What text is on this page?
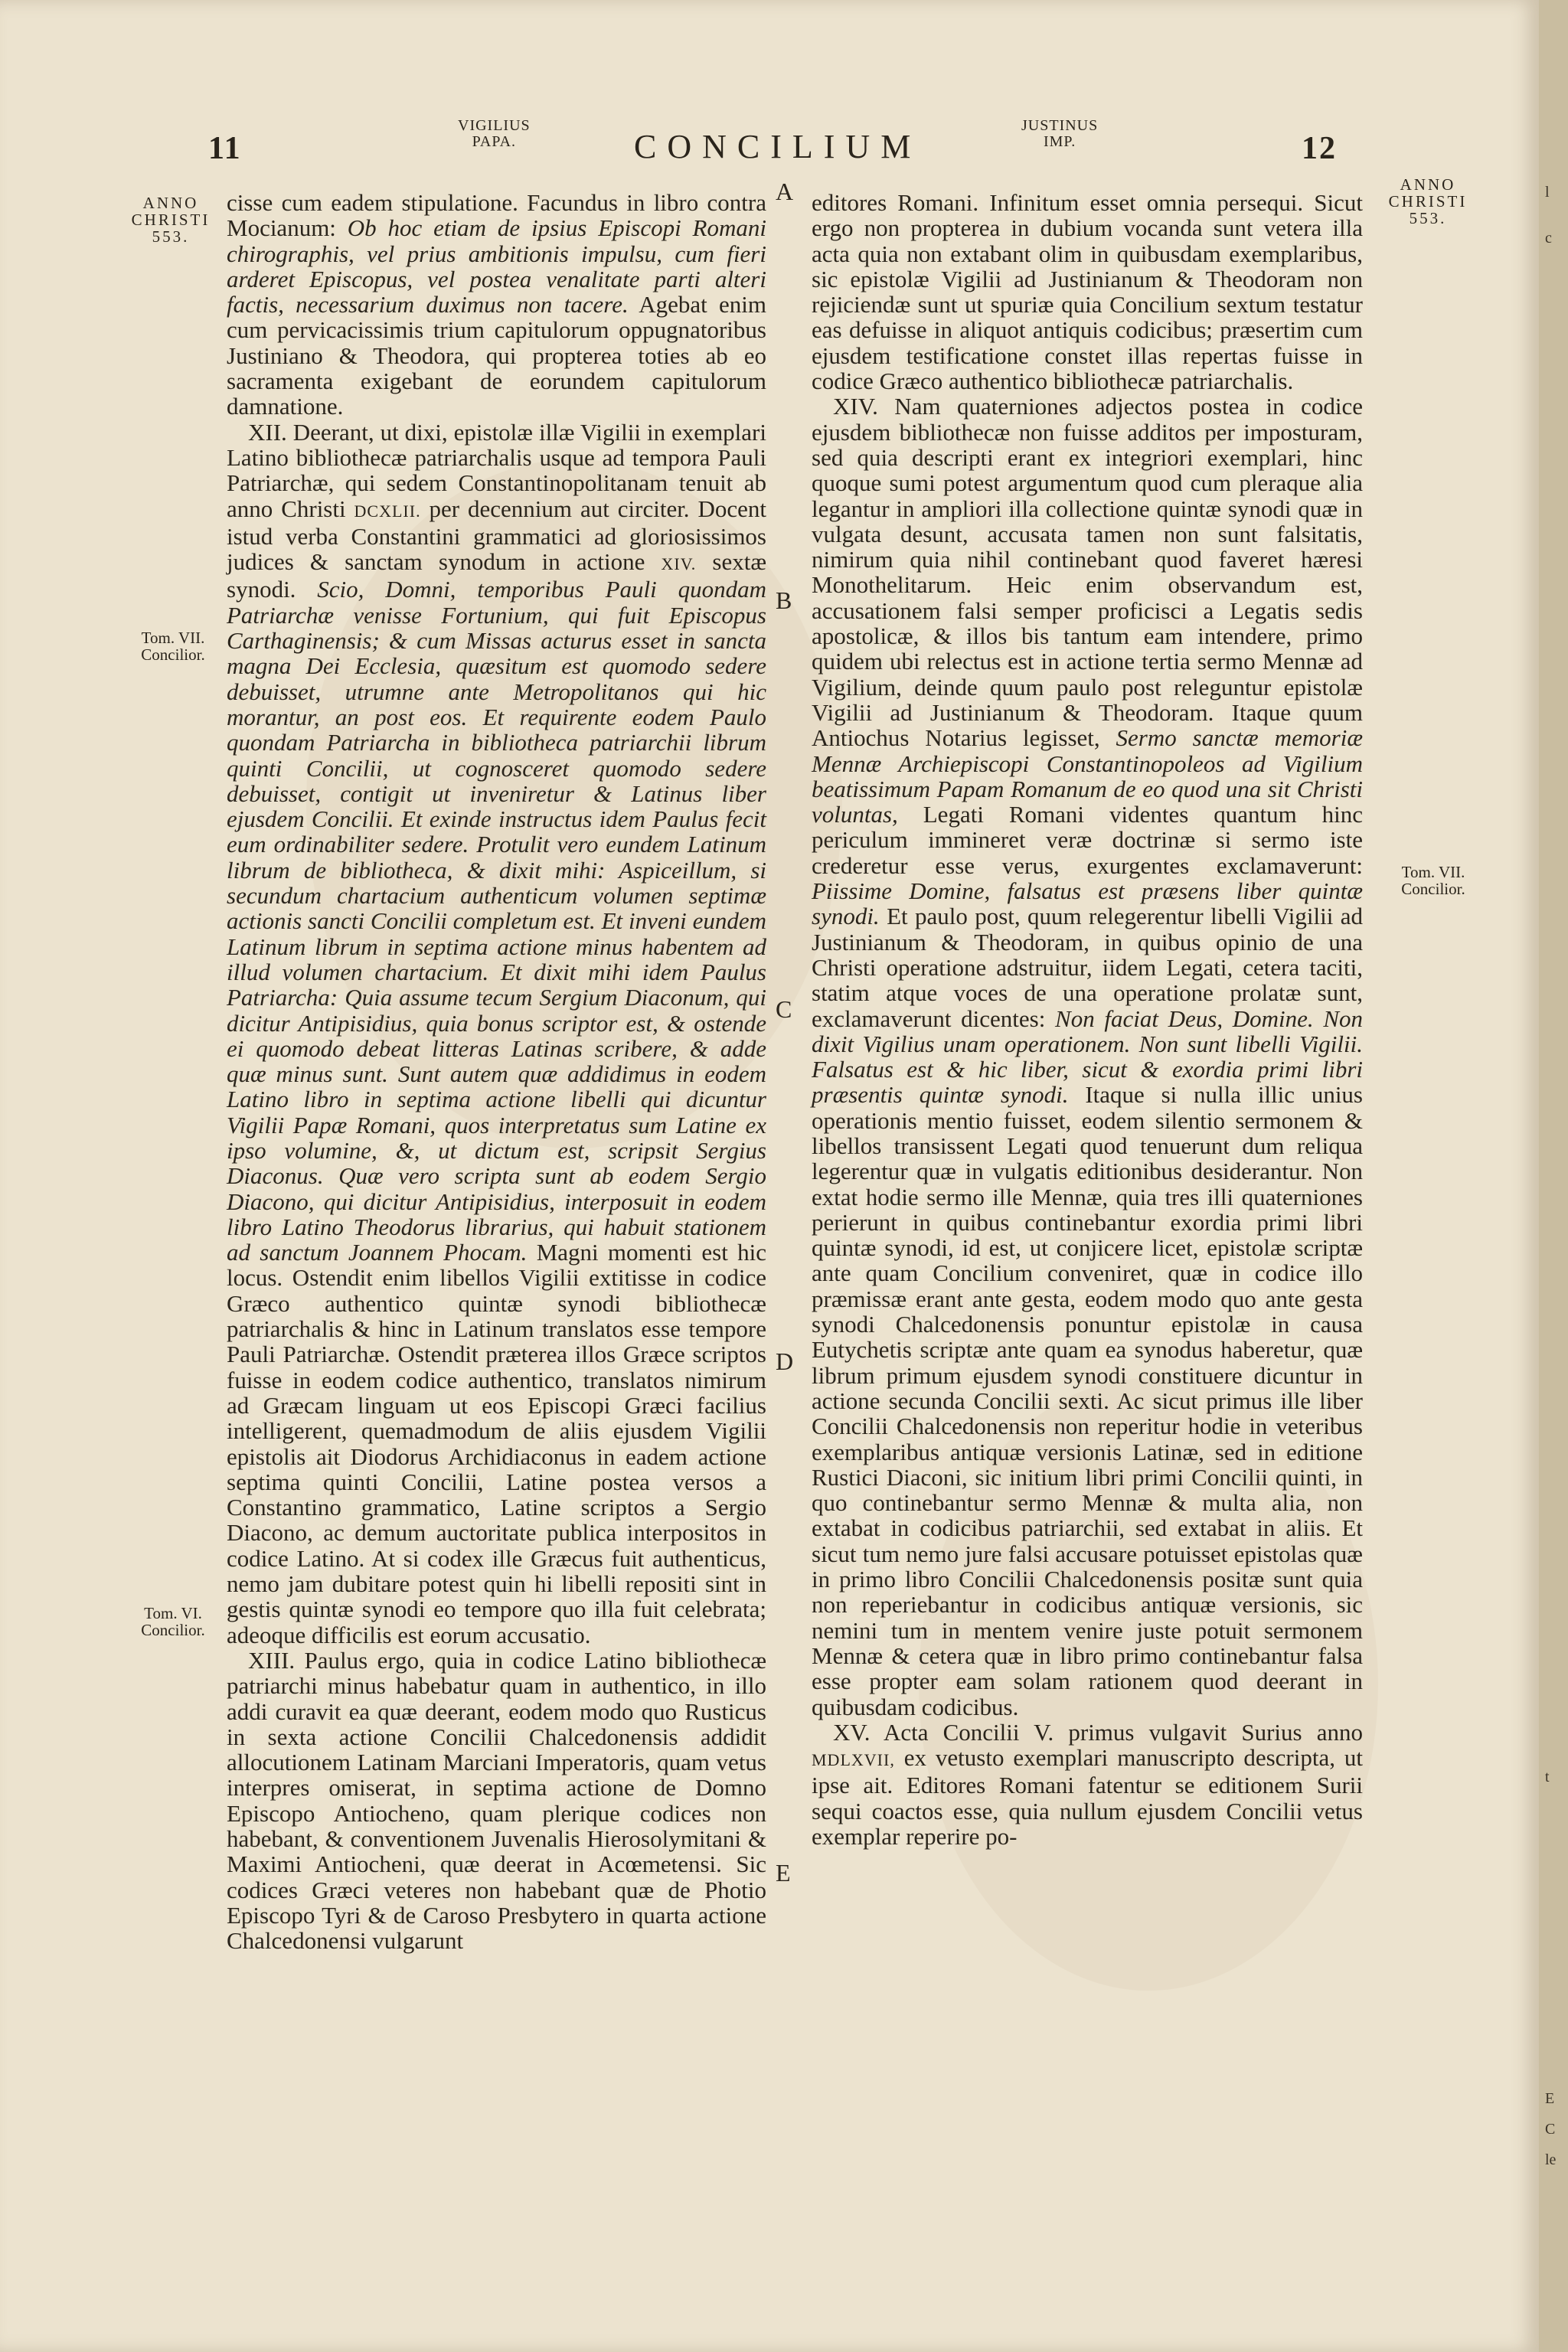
11
VIGILIUS
PAPA.	CONCILIUM
JUSTINUS
IMP.	12
ANNO
CHRISTI
553.
Tom. VII.
Concilior.
Tom. VI.
Concilior.
ANNO
CHRISTI
553.
Tom. VII.
Concilior.
A
B
C
D
E

cisse cum eadem stipulatione. Facundus in libro contra Mocianum: Ob hoc etiam de ipsius Episcopi Romani chirographis, vel prius ambitionis impulsu, cum fieri arderet Episcopus, vel postea venalitate parti alteri factis, necessarium duximus non tacere. Agebat enim cum pervicacissimis trium capitulorum oppugnatoribus Justiniano & Theodora, qui propterea toties ab eo sacramenta exigebant de eorundem capitulorum damnatione.

XII. Deerant, ut dixi, epistolæ illæ Vigilii in exemplari Latino bibliothecæ patriarchalis usque ad tempora Pauli Patriarchæ, qui sedem Constantinopolitanam tenuit ab anno Christi DCXLII. per decennium aut circiter. Docent istud verba Constantini grammatici ad gloriosissimos judices & sanctam synodum in actione XIV. sextæ synodi. Scio, Domni, temporibus Pauli quondam Patriarchæ venisse Fortunium, qui fuit Episcopus Carthaginensis; & cum Missas acturus esset in sancta magna Dei Ecclesia, quæsitum est quomodo sedere debuisset, utrumne ante Metropolitanos qui hic morantur, an post eos. Et requirente eodem Paulo quondam Patriarcha in bibliotheca patriarchii librum quinti Concilii, ut cognosceret quomodo sedere debuisset, contigit ut inveniretur & Latinus liber ejusdem Concilii. Et exinde instructus idem Paulus fecit eum ordinabiliter sedere. Protulit vero eundem Latinum librum de bibliotheca, & dixit mihi: Aspiceillum, si secundum chartacium authenticum volumen septimæ actionis sancti Concilii completum est. Et inveni eundem Latinum librum in septima actione minus habentem ad illud volumen chartacium. Et dixit mihi idem Paulus Patriarcha: Quia assume tecum Sergium Diaconum, qui dicitur Antipisidius, quia bonus scriptor est, & ostende ei quomodo debeat litteras Latinas scribere, & adde quæ minus sunt. Sunt autem quæ addidimus in eodem Latino libro in septima actione libelli qui dicuntur Vigilii Papæ Romani, quos interpretatus sum Latine ex ipso volumine, &, ut dictum est, scripsit Sergius Diaconus. Quæ vero scripta sunt ab eodem Sergio Diacono, qui dicitur Antipisidius, interposuit in eodem libro Latino Theodorus librarius, qui habuit stationem ad sanctum Joannem Phocam. Magni momenti est hic locus. Ostendit enim libellos Vigilii extitisse in codice Græco authentico quintæ synodi bibliothecæ patriarchalis & hinc in Latinum translatos esse tempore Pauli Patriarchæ. Ostendit præterea illos Græce scriptos fuisse in eodem codice authentico, translatos nimirum ad Græcam linguam ut eos Episcopi Græci facilius intelligerent, quemadmodum de aliis ejusdem Vigilii epistolis ait Diodorus Archidiaconus in eadem actione septima quinti Concilii, Latine postea versos a Constantino grammatico, Latine scriptos a Sergio Diacono, ac demum auctoritate publica interpositos in codice Latino. At si codex ille Græcus fuit authenticus, nemo jam dubitare potest quin hi libelli repositi sint in gestis quintæ synodi eo tempore quo illa fuit celebrata; adeoque difficilis est eorum accusatio.

XIII. Paulus ergo, quia in codice Latino bibliothecæ patriarchi minus habebatur quam in authentico, in illo addi curavit ea quæ deerant, eodem modo quo Rusticus in sexta actione Concilii Chalcedonensis addidit allocutionem Latinam Marciani Imperatoris, quam vetus interpres omiserat, in septima actione de Domno Episcopo Antiocheno, quam plerique codices non habebant, & conventionem Juvenalis Hierosolymitani & Maximi Antiocheni, quæ deerat in Acœmetensi. Sic codices Græci veteres non habebant quæ de Photio Episcopo Tyri & de Caroso Presbytero in quarta actione Chalcedonensi vulgarunt

editores Romani. Infinitum esset omnia persequi. Sicut ergo non propterea in dubium vocanda sunt vetera illa acta quia non extabant olim in quibusdam exemplaribus, sic epistolæ Vigilii ad Justinianum & Theodoram non rejiciendæ sunt ut spuriæ quia Concilium sextum testatur eas defuisse in aliquot antiquis codicibus; præsertim cum ejusdem testificatione constet illas repertas fuisse in codice Græco authentico bibliothecæ patriarchalis.

XIV. Nam quaterniones adjectos postea in codice ejusdem bibliothecæ non fuisse additos per imposturam, sed quia descripti erant ex integriori exemplari, hinc quoque sumi potest argumentum quod cum pleraque alia legantur in ampliori illa collectione quintæ synodi quæ in vulgata desunt, accusata tamen non sunt falsitatis, nimirum quia nihil continebant quod faveret hæresi Monothelitarum. Heic enim observandum est, accusationem falsi semper proficisci a Legatis sedis apostolicæ, & illos bis tantum eam intendere, primo quidem ubi relectus est in actione tertia sermo Mennæ ad Vigilium, deinde quum paulo post releguntur epistolæ Vigilii ad Justinianum & Theodoram. Itaque quum Antiochus Notarius legisset, Sermo sanctæ memoriæ Mennæ Archiepiscopi Constantinopoleos ad Vigilium beatissimum Papam Romanum de eo quod una sit Christi voluntas, Legati Romani videntes quantum hinc periculum immineret veræ doctrinæ si sermo iste crederetur esse verus, exurgentes exclamaverunt: Piissime Domine, falsatus est præsens liber quintæ synodi. Et paulo post, quum relegerentur libelli Vigilii ad Justinianum & Theodoram, in quibus opinio de una Christi operatione adstruitur, iidem Legati, cetera taciti, statim atque voces de una operatione prolatæ sunt, exclamaverunt dicentes: Non faciat Deus, Domine. Non dixit Vigilius unam operationem. Non sunt libelli Vigilii. Falsatus est & hic liber, sicut & exordia primi libri præsentis quintæ synodi. Itaque si nulla illic unius operationis mentio fuisset, eodem silentio sermonem & libellos transissent Legati quod tenuerunt dum reliqua legerentur quæ in vulgatis editionibus desiderantur. Non extat hodie sermo ille Mennæ, quia tres illi quaterniones perierunt in quibus continebantur exordia primi libri quintæ synodi, id est, ut conjicere licet, epistolæ scriptæ ante quam Concilium conveniret, quæ in codice illo præmissæ erant ante gesta, eodem modo quo ante gesta synodi Chalcedonensis ponuntur epistolæ in causa Eutychetis scriptæ ante quam ea synodus haberetur, quæ librum primum ejusdem synodi constituere dicuntur in actione secunda Concilii sexti. Ac sicut primus ille liber Concilii Chalcedonensis non reperitur hodie in veteribus exemplaribus antiquæ versionis Latinæ, sed in editione Rustici Diaconi, sic initium libri primi Concilii quinti, in quo continebantur sermo Mennæ & multa alia, non extabat in codicibus patriarchii, sed extabat in aliis. Et sicut tum nemo jure falsi accusare potuisset epistolas quæ in primo libro Concilii Chalcedonensis positæ sunt quia non reperiebantur in codicibus antiquæ versionis, sic nemini tum in mentem venire juste potuit sermonem Mennæ & cetera quæ in libro primo continebantur falsa esse propter eam solam rationem quod deerant in quibusdam codicibus.

XV. Acta Concilii V. primus vulgavit Surius anno MDLXVII, ex vetusto exemplari manuscripto descripta, ut ipse ait. Editores Romani fatentur se editionem Surii sequi coactos esse, quia nullum ejusdem Concilii vetus exemplar reperire po-

l
c
t
E
C
le
